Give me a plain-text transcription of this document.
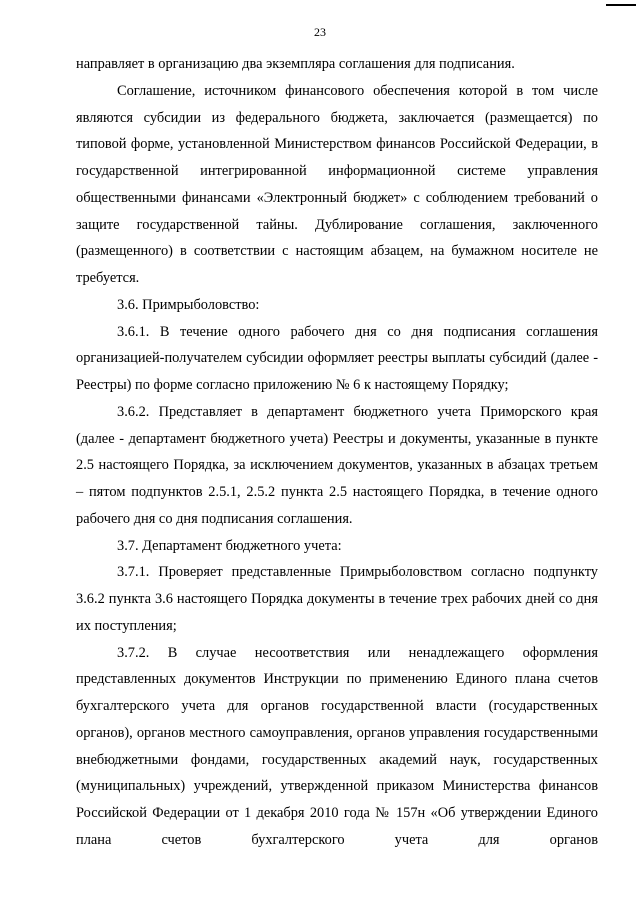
23

направляет в организацию два экземпляра соглашения для подписания.

Соглашение, источником финансового обеспечения которой в том числе являются субсидии из федерального бюджета, заключается (размещается) по типовой форме, установленной Министерством финансов Российской Федерации, в государственной интегрированной информационной системе управления общественными финансами «Электронный бюджет» с соблюдением требований о защите государственной тайны. Дублирование соглашения, заключенного (размещенного) в соответствии с настоящим абзацем, на бумажном носителе не требуется.

3.6. Примрыболовство:

3.6.1. В течение одного рабочего дня со дня подписания соглашения организацией-получателем субсидии оформляет реестры выплаты субсидий (далее - Реестры) по форме согласно приложению № 6 к настоящему Порядку;

3.6.2. Представляет в департамент бюджетного учета Приморского края (далее - департамент бюджетного учета) Реестры и документы, указанные в пункте 2.5 настоящего Порядка, за исключением документов, указанных в абзацах третьем – пятом подпунктов 2.5.1, 2.5.2 пункта 2.5 настоящего Порядка, в течение одного рабочего дня со дня подписания соглашения.

3.7. Департамент бюджетного учета:

3.7.1. Проверяет представленные Примрыболовством согласно подпункту 3.6.2 пункта 3.6 настоящего Порядка документы в течение трех рабочих дней со дня их поступления;

3.7.2. В случае несоответствия или ненадлежащего оформления представленных документов Инструкции по применению Единого плана счетов бухгалтерского учета для органов государственной власти (государственных органов), органов местного самоуправления, органов управления государственными внебюджетными фондами, государственных академий наук, государственных (муниципальных) учреждений, утвержденной приказом Министерства финансов Российской Федерации от 1 декабря 2010 года № 157н «Об утверждении Единого плана счетов бухгалтерского учета для органов
